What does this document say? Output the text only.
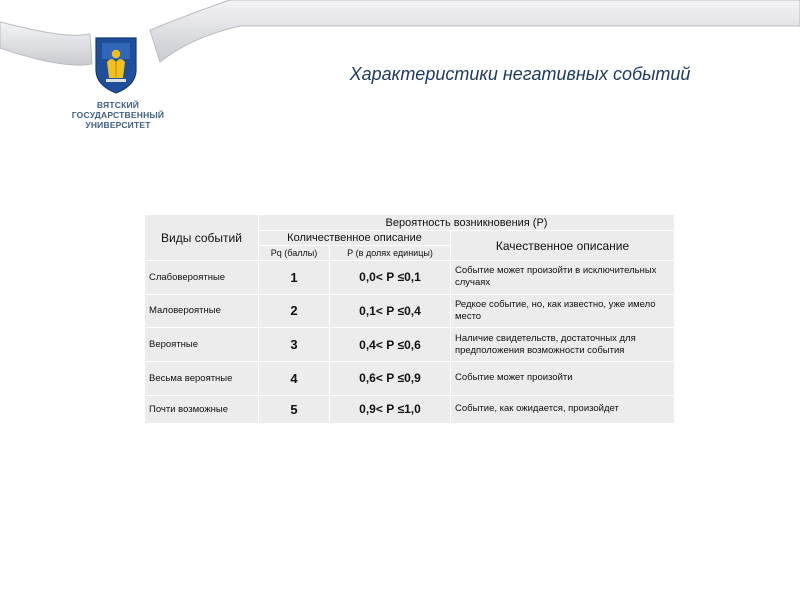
ВЯТСКИЙ
ГОСУДАРСТВЕННЫЙ
УНИВЕРСИТЕТ
Характеристики негативных событий
Виды событий	Вероятность возникновения (Р)		
	Количественное описание		Качественное описание
	Pq (баллы)	Р (в долях единицы)	
Слабовероятные	1	0,0< Р ≤0,1	Событие может произойти в исключительных случаях
Маловероятные	2	0,1< Р ≤0,4	Редкое событие, но, как известно, уже имело место
Вероятные	3	0,4< Р ≤0,6	Наличие свидетельств, достаточных для предположения возможности события
Весьма вероятные	4	0,6< Р ≤0,9	Событие может произойти
Почти возможные	5	0,9< Р ≤1,0	Событие, как ожидается, произойдет
